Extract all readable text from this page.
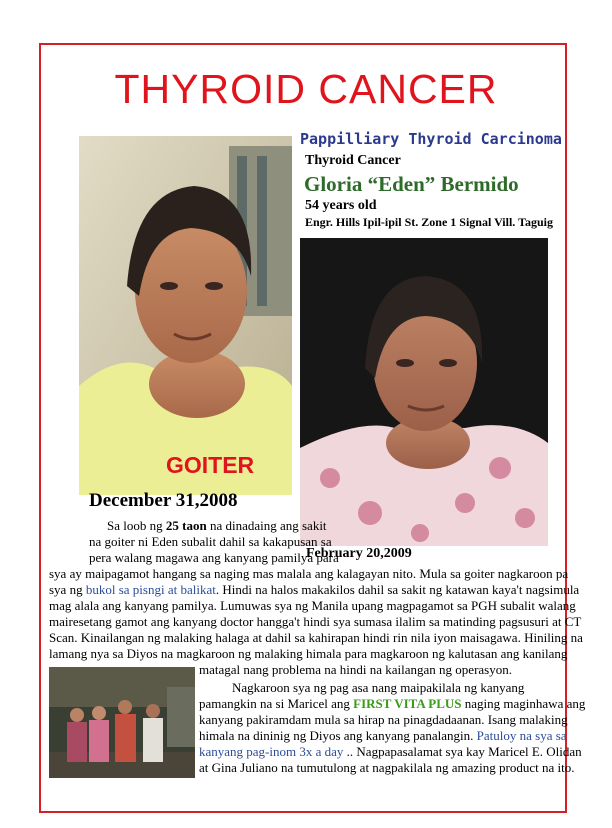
THYROID CANCER
GOITER
Pappilliary Thyroid Carcinoma
Thyroid Cancer
Gloria “Eden” Bermido
54 years old
Engr. Hills Ipil-ipil St. Zone 1 Signal Vill. Taguig
December 31,2008
February 20,2009
Sa loob ng 25 taon na dinadaing ang sakit
na goiter ni Eden subalit dahil sa kakapusan sa
pera walang magawa ang kanyang pamilya para
sya ay maipagamot hangang sa naging mas malala ang kalagayan nito. Mula sa goiter nagkaroon pa
sya ng bukol sa pisngi at balikat. Hindi na halos makakilos dahil sa sakit ng katawan kaya't nagsimula
mag alala ang kanyang pamilya. Lumuwas sya ng Manila upang magpagamot sa PGH subalit walang
mairesetang gamot ang kanyang doctor hangga't hindi sya sumasa ilalim sa matinding pagsusuri at CT
Scan. Kinailangan ng malaking halaga at dahil sa kahirapan hindi rin nila iyon maisagawa. Hiniling na
lamang nya sa Diyos na magkaroon ng malaking himala para magkaroon ng kalutasan ang kanilang
matagal nang problema na hindi na kailangan ng operasyon.
Nagkaroon sya ng pag asa nang maipakilala ng kanyang
pamangkin na si Maricel ang FIRST VITA PLUS naging maginhawa ang
kanyang pakiramdam mula sa hirap na pinagdadaanan. Isang malaking
himala na dininig ng Diyos ang kanyang panalangin. Patuloy na sya sa
kanyang pag-inom 3x a day .. Nagpapasalamat sya kay Maricel E. Olidan
at Gina Juliano na tumutulong at nagpakilala ng amazing product na ito.
